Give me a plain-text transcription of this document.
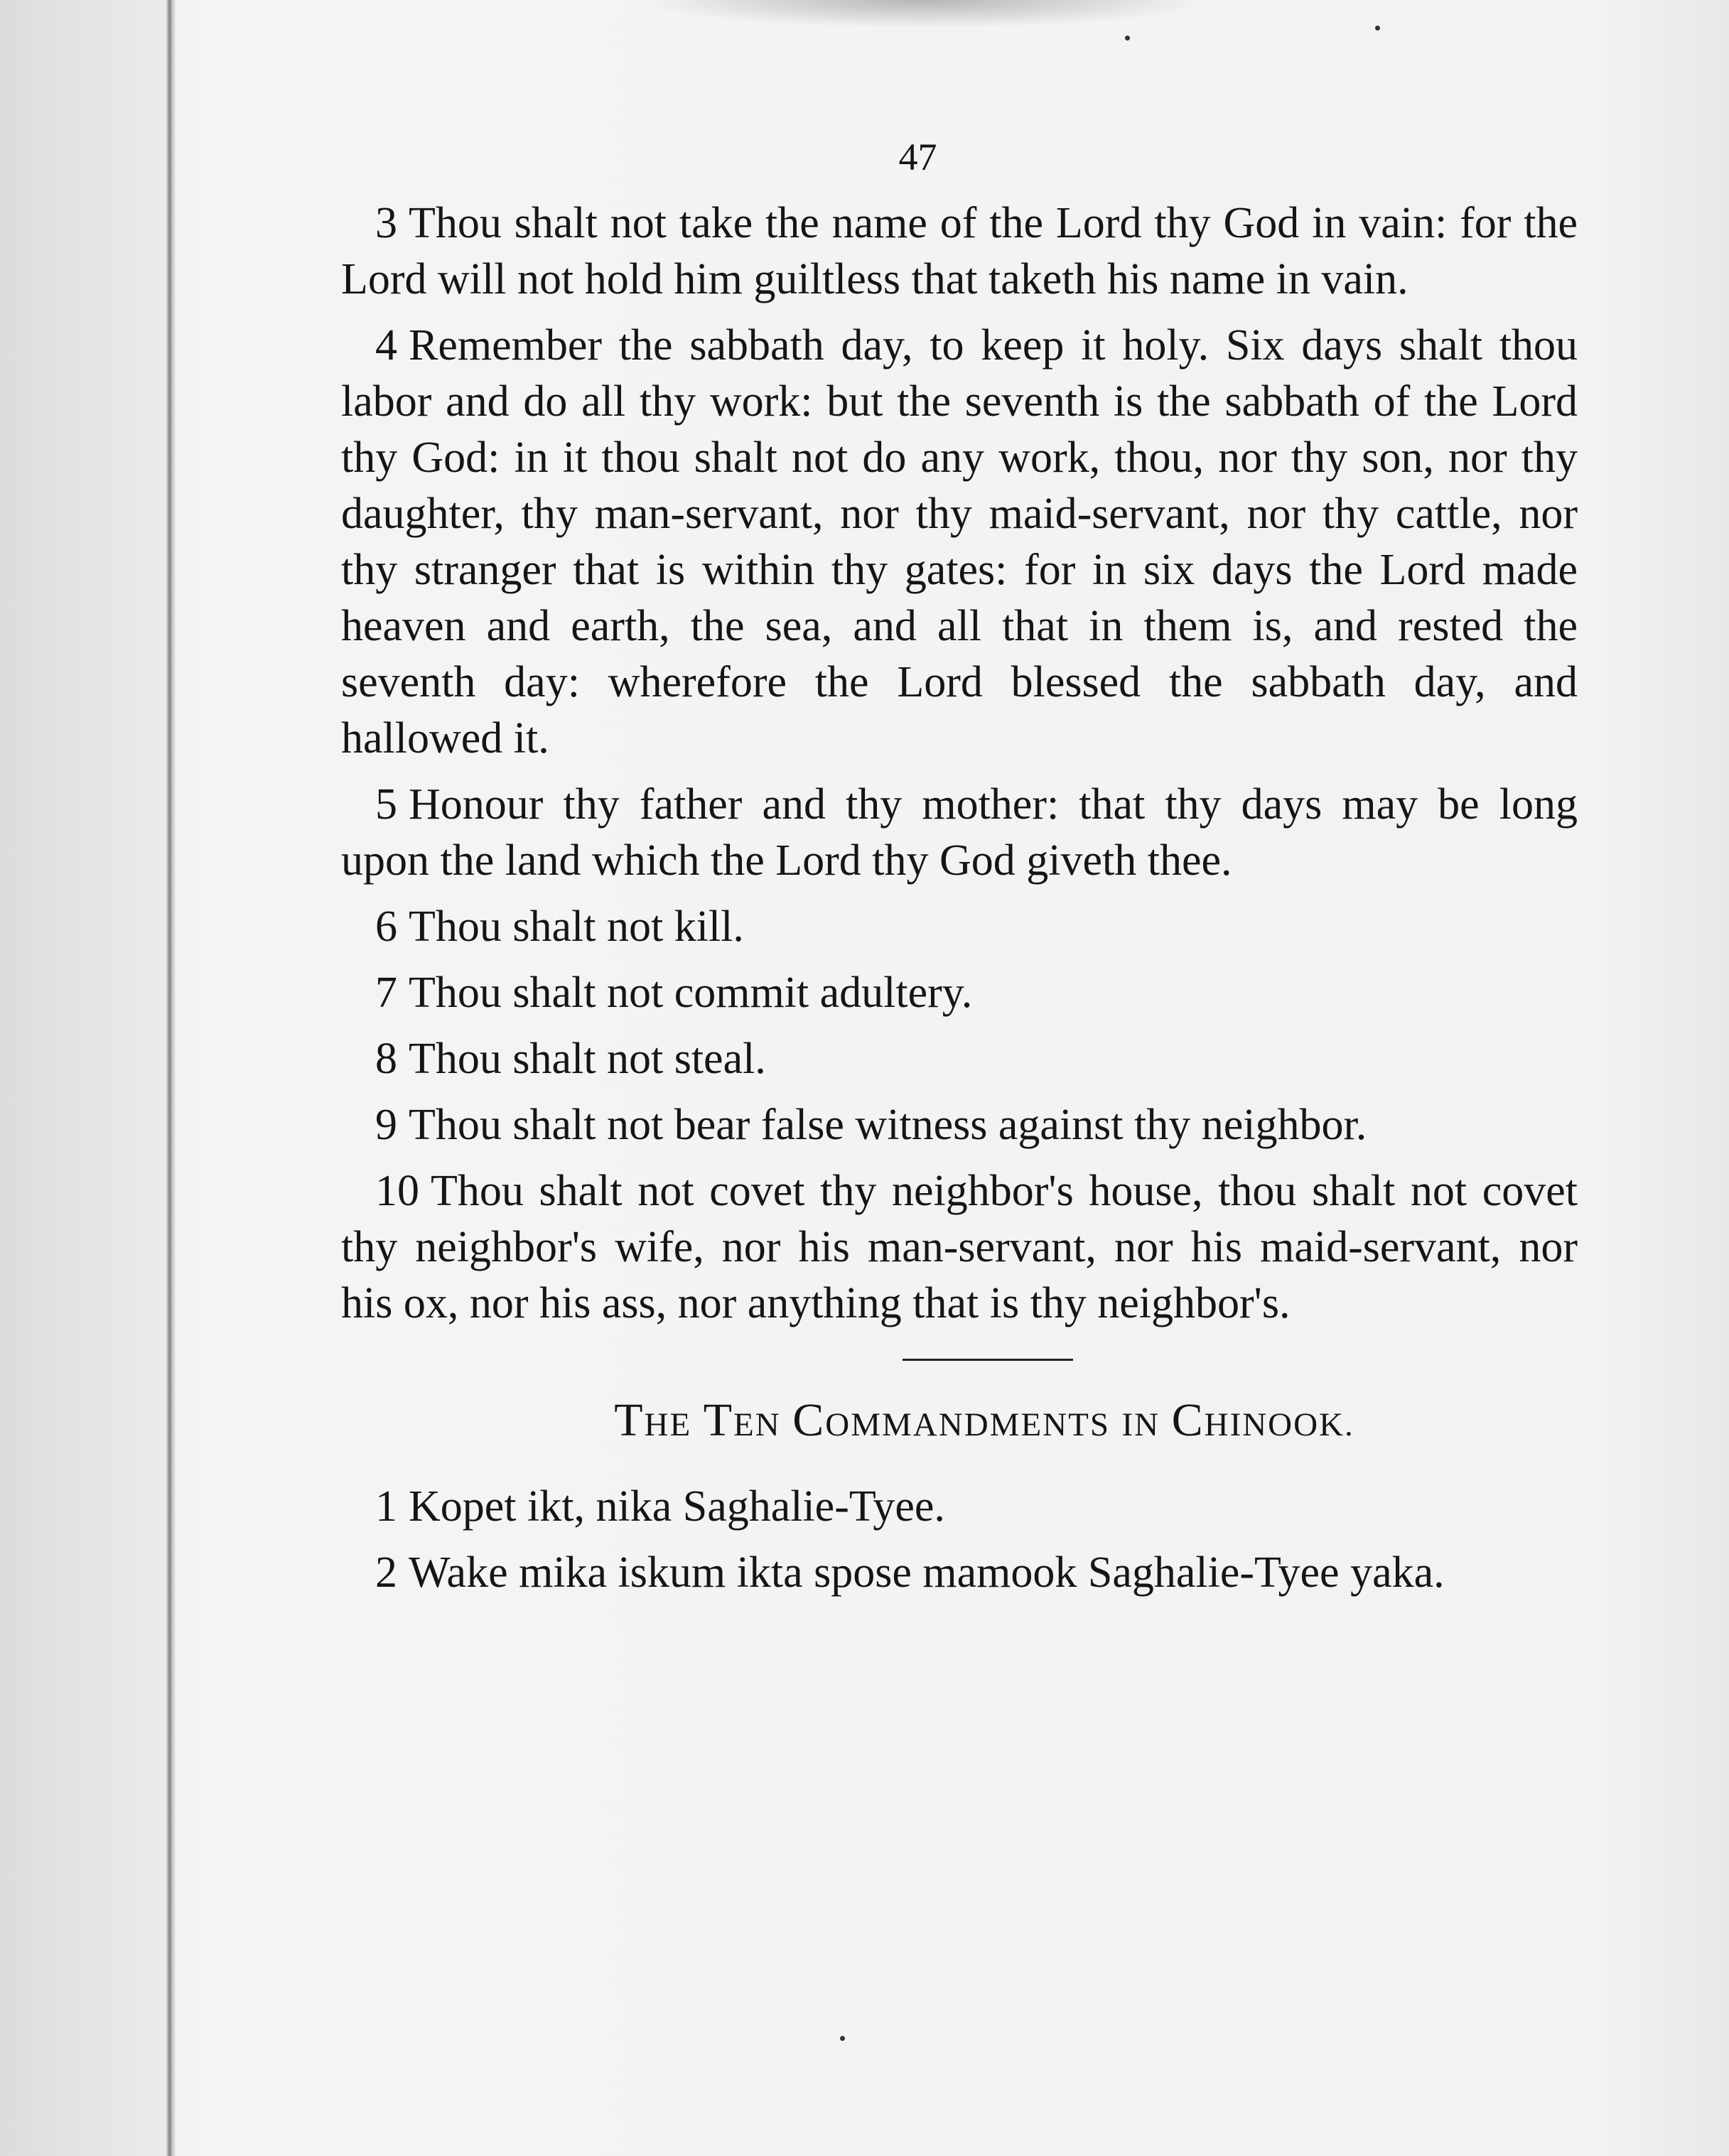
47

3 Thou shalt not take the name of the Lord thy God in vain: for the Lord will not hold him guiltless that taketh his name in vain.

4 Remember the sabbath day, to keep it holy. Six days shalt thou labor and do all thy work: but the seventh is the sabbath of the Lord thy God: in it thou shalt not do any work, thou, nor thy son, nor thy daughter, thy man-servant, nor thy maid-servant, nor thy cattle, nor thy stranger that is within thy gates: for in six days the Lord made heaven and earth, the sea, and all that in them is, and rested the seventh day: wherefore the Lord blessed the sabbath day, and hallowed it.

5 Honour thy father and thy mother: that thy days may be long upon the land which the Lord thy God giveth thee.

6 Thou shalt not kill.

7 Thou shalt not commit adultery.

8 Thou shalt not steal.

9 Thou shalt not bear false witness against thy neighbor.

10 Thou shalt not covet thy neighbor's house, thou shalt not covet thy neighbor's wife, nor his man-servant, nor his maid-servant, nor his ox, nor his ass, nor anything that is thy neighbor's.

THE TEN COMMANDMENTS IN CHINOOK.

1 Kopet ikt, nika Saghalie-Tyee.

2 Wake mika iskum ikta spose mamook Saghalie-Tyee yaka.
